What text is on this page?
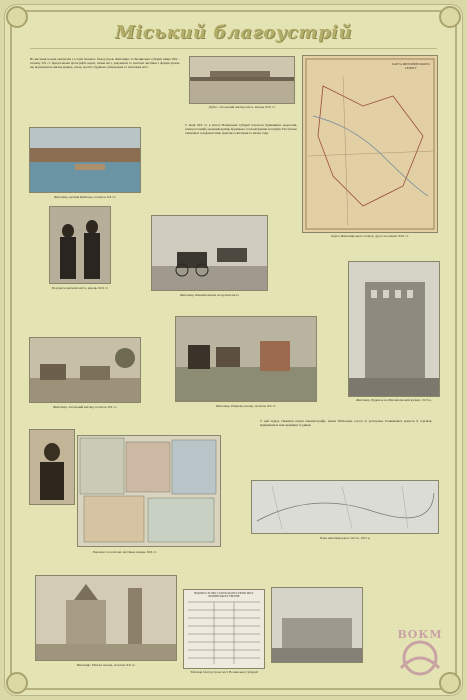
Міський благоустрій
На виставці подані матеріали з історії міського благоустрою Житомира та Волинської губернії кінця ХІХ – початку ХХ ст. Представлені фотографії, карти, плани міст, документи та поштові листівки з фондів музею, що відтворюють вигляд вулиць, площ, мостів і будівель губернських та повітових міст.
Дубно. Загальний вигляд міста, кінець ХІХ ст.
КАРТА ЖИТОМИРСЬКОГО ПОВІТУ
Карта Житомирського повіту, друга половина ХІХ ст.
Житомир, вулиця Київська, початок ХХ ст.
У кінці ХІХ ст. в містах Волинської губернії почалося будівництво водогонів, електростанцій, мощення вулиць бруківкою та влаштування тротуарів. Поступово з'являлися телефонні лінії, вуличне освітлення та міські сади.
Портрети жителів міста, кінець ХІХ ст.
Житомир. Кінний екіпаж на вулиці міста
Житомир. Загальний вигляд, початок ХХ ст.
Житомир. Будинок на Михайлівській вулиці, 1913 р.
Житомир. Ринкова площа, початок ХХ ст.
У цей період з'явилися перші кінематографи, міські бібліотеки, готелі та ресторани. Розвивалися ремесла й торгівля, відкривалися нові крамниці та ринки.
Реклама та поштові листівки, кінець ХІХ ст.
План житомирського міста, 1913 р.
Житомир. Міська площа, початок ХХ ст.
ВІДОМОСТІ ПРО СТАН БЛАГОУСТРОЮ МІСТ ВОЛИНСЬКОЇ ГУБЕРНІЇ
Таблиця благоустрою міст Волинської губернії
ВОКМ
